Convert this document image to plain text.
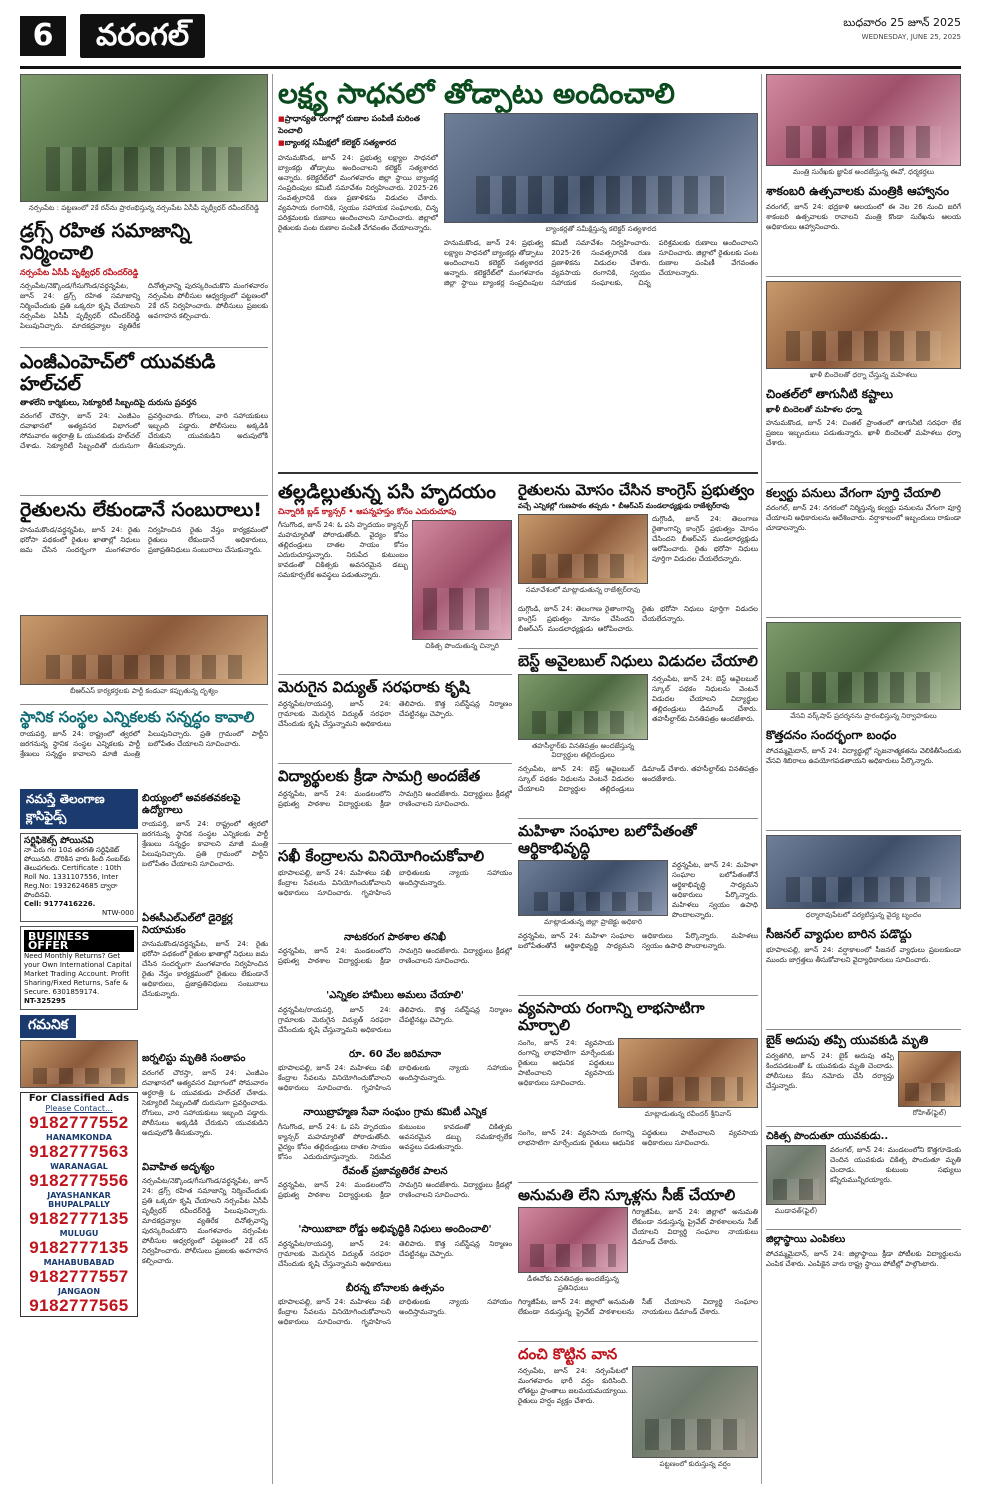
6	వరంగల్	బుధవారం 25 జూన్ 2025
WEDNESDAY, JUNE 25, 2025
నర్సంపేట : పట్టణంలో 2కే రన్‌ను ప్రారంభిస్తున్న నర్సంపేట ఏసీపీ పృథ్వీధర్‌ రవీందర్‌రెడ్డి
డ్రగ్స్ రహిత సమాజాన్ని నిర్మించాలి
నర్సంపేట ఏసీపీ పృథ్వీధర్‌ రవీందర్‌రెడ్డి
నర్సంపేట/నెక్కొండ/గీసుగొండ/వర్ధన్నపేట, జూన్ 24: డ్రగ్స్ రహిత సమాజాన్ని నిర్మించేందుకు ప్రతి ఒక్కరూ కృషి చేయాలని నర్సంపేట ఏసీపీ పృథ్వీధర్‌ రవీందర్‌రెడ్డి పిలుపునిచ్చారు. మాదకద్రవ్యాల వ్యతిరేక దినోత్సవాన్ని పురస్కరించుకొని మంగళవారం నర్సంపేట పోలీసుల ఆధ్వర్యంలో పట్టణంలో 2కే రన్ నిర్వహించారు. పోలీసులు ప్రజలకు అవగాహన కల్పించారు.
ఎంజీఎంహెచ్‌లో యువకుడి హల్‌చల్
తాళలేని కార్మికులు, సెక్యూరిటీ సిబ్బందిపై దురుసు ప్రవర్తన
వరంగల్ చౌరస్తా, జూన్ 24: ఎంజీఎం దవాఖానలో అత్యవసర విభాగంలో సోమవారం అర్ధరాత్రి ఓ యువకుడు హల్‌చల్ చేశాడు. సెక్యూరిటీ సిబ్బందితో దురుసుగా ప్రవర్తించాడు. రోగులు, వారి సహాయకులు ఇబ్బంది పడ్డారు. పోలీసులు అక్కడికి చేరుకుని యువకుడిని అదుపులోకి తీసుకున్నారు.
రైతులను లేకుండానే సంబురాలు!
హనుమకొండ/వర్ధన్నపేట, జూన్ 24: రైతు భరోసా పథకంలో రైతుల ఖాతాల్లో నిధులు జమ చేసిన సందర్భంగా మంగళవారం నిర్వహించిన రైతు నేస్తం కార్యక్రమంలో రైతులు లేకుండానే అధికారులు, ప్రజాప్రతినిధులు సంబురాలు చేసుకున్నారు.
బీఆర్‌ఎస్ కార్యకర్తలకు పార్టీ కండువా కప్పుతున్న దృశ్యం
స్థానిక సంస్థల ఎన్నికలకు సన్నద్ధం కావాలి
రాయపర్తి, జూన్ 24: రాష్ట్రంలో త్వరలో జరగనున్న స్థానిక సంస్థల ఎన్నికలకు పార్టీ శ్రేణులు సన్నద్ధం కావాలని మాజీ మంత్రి పిలుపునిచ్చారు. ప్రతి గ్రామంలో పార్టీని బలోపేతం చేయాలని సూచించారు.
నమస్తే తెలంగాణ క్లాసిఫైడ్స్
సర్టిఫికెట్స్ పోయినవి
నా పేరు గల 10వ తరగతి సర్టిఫికెట్ పోయినది. దొరికిన వారు కింది నంబర్‌కు తెలుపగలరు. Certificate : 10th Roll No. 1331107556, Inter Reg.No: 1932624685 ద్వారా పొందినవి.
Cell: 9177416226.
NTW-000
BUSINESS OFFER
Need Monthly Returns? Get your Own International Capital Market Trading Account. Profit Sharing/Fixed Returns, Safe & Secure. 6301859174.
NT-325295
గమనిక
For Classified Ads
Please Contact...
9182777552
HANAMKONDA
9182777563
WARANAGAL
9182777556
JAYASHANKAR BHUPALPALLY
9182777135
MULUGU
9182777135
MAHABUBABAD
9182777557
JANGAON
9182777565
బియ్యంలో అవకతవకలపై ఉద్యోగాలు
రాయపర్తి, జూన్ 24: రాష్ట్రంలో త్వరలో జరగనున్న స్థానిక సంస్థల ఎన్నికలకు పార్టీ శ్రేణులు సన్నద్ధం కావాలని మాజీ మంత్రి పిలుపునిచ్చారు. ప్రతి గ్రామంలో పార్టీని బలోపేతం చేయాలని సూచించారు.
ఏఈసీఎల్‌ఎల్‌లో డైరెక్టర్ల నియామకం
హనుమకొండ/వర్ధన్నపేట, జూన్ 24: రైతు భరోసా పథకంలో రైతుల ఖాతాల్లో నిధులు జమ చేసిన సందర్భంగా మంగళవారం నిర్వహించిన రైతు నేస్తం కార్యక్రమంలో రైతులు లేకుండానే అధికారులు, ప్రజాప్రతినిధులు సంబురాలు చేసుకున్నారు.
జర్నలిస్టు మృతికి సంతాపం
వరంగల్ చౌరస్తా, జూన్ 24: ఎంజీఎం దవాఖానలో అత్యవసర విభాగంలో సోమవారం అర్ధరాత్రి ఓ యువకుడు హల్‌చల్ చేశాడు. సెక్యూరిటీ సిబ్బందితో దురుసుగా ప్రవర్తించాడు. రోగులు, వారి సహాయకులు ఇబ్బంది పడ్డారు. పోలీసులు అక్కడికి చేరుకుని యువకుడిని అదుపులోకి తీసుకున్నారు.
వివాహిత అదృశ్యం
నర్సంపేట/నెక్కొండ/గీసుగొండ/వర్ధన్నపేట, జూన్ 24: డ్రగ్స్ రహిత సమాజాన్ని నిర్మించేందుకు ప్రతి ఒక్కరూ కృషి చేయాలని నర్సంపేట ఏసీపీ పృథ్వీధర్‌ రవీందర్‌రెడ్డి పిలుపునిచ్చారు. మాదకద్రవ్యాల వ్యతిరేక దినోత్సవాన్ని పురస్కరించుకొని మంగళవారం నర్సంపేట పోలీసుల ఆధ్వర్యంలో పట్టణంలో 2కే రన్ నిర్వహించారు. పోలీసులు ప్రజలకు అవగాహన కల్పించారు.
లక్ష్య సాధనలో తోడ్పాటు అందించాలి
■ ప్రాధాన్యత రంగాల్లో రుణాల పంపిణీ మరింత పెంచాలి
■ బ్యాంకర్ల సమీక్షలో కలెక్టర్ సత్యశారద
హనుమకొండ, జూన్ 24: ప్రభుత్వ లక్ష్యాల సాధనలో బ్యాంకర్లు తోడ్పాటు అందించాలని కలెక్టర్ సత్యశారద అన్నారు. కలెక్టరేట్‌లో మంగళవారం జిల్లా స్థాయి బ్యాంకర్ల సంప్రదింపుల కమిటీ సమావేశం నిర్వహించారు. 2025-26 సంవత్సరానికి రుణ ప్రణాళికను విడుదల చేశారు. వ్యవసాయ రంగానికి, స్వయం సహాయక సంఘాలకు, చిన్న పరిశ్రమలకు రుణాలు అందించాలని సూచించారు. జిల్లాలో రైతులకు పంట రుణాల పంపిణీ వేగవంతం చేయాలన్నారు.	బ్యాంకర్లతో సమీక్షిస్తున్న కలెక్టర్ సత్యశారద
హనుమకొండ, జూన్ 24: ప్రభుత్వ లక్ష్యాల సాధనలో బ్యాంకర్లు తోడ్పాటు అందించాలని కలెక్టర్ సత్యశారద అన్నారు. కలెక్టరేట్‌లో మంగళవారం జిల్లా స్థాయి బ్యాంకర్ల సంప్రదింపుల కమిటీ సమావేశం నిర్వహించారు. 2025-26 సంవత్సరానికి రుణ ప్రణాళికను విడుదల చేశారు. వ్యవసాయ రంగానికి, స్వయం సహాయక సంఘాలకు, చిన్న పరిశ్రమలకు రుణాలు అందించాలని సూచించారు. జిల్లాలో రైతులకు పంట రుణాల పంపిణీ వేగవంతం చేయాలన్నారు.
తల్లడిల్లుతున్న పసి హృదయం
చిన్నారికి బ్లడ్ క్యాన్సర్ • ఆపన్నహస్తం కోసం ఎదురుచూపు
గీసుగొండ, జూన్ 24: ఓ పసి హృదయం క్యాన్సర్ మహమ్మారితో పోరాడుతోంది. వైద్యం కోసం తల్లిదండ్రులు దాతల సాయం కోసం ఎదురుచూస్తున్నారు. నిరుపేద కుటుంబం కావడంతో చికిత్సకు అవసరమైన డబ్బు సమకూర్చలేక అవస్థలు పడుతున్నారు.
చికిత్స పొందుతున్న చిన్నారి
మెరుగైన విద్యుత్ సరఫరాకు కృషి
వర్ధన్నపేట/రాయపర్తి, జూన్ 24: గ్రామాలకు మెరుగైన విద్యుత్ సరఫరా చేసేందుకు కృషి చేస్తున్నామని అధికారులు తెలిపారు. కొత్త సబ్‌స్టేషన్ల నిర్మాణం చేపట్టినట్లు చెప్పారు.
విద్యార్థులకు క్రీడా సామగ్రి అందజేత
వర్ధన్నపేట, జూన్ 24: మండలంలోని ప్రభుత్వ పాఠశాల విద్యార్థులకు క్రీడా సామగ్రిని అందజేశారు. విద్యార్థులు క్రీడల్లో రాణించాలని సూచించారు.
సఖీ కేంద్రాలను వినియోగించుకోవాలి
భూపాలపల్లి, జూన్ 24: మహిళలు సఖీ కేంద్రాల సేవలను వినియోగించుకోవాలని అధికారులు సూచించారు. గృహహింస బాధితులకు న్యాయ సహాయం అందిస్తామన్నారు.
నాటకరంగ పాఠశాల తనిఖీ
వర్ధన్నపేట, జూన్ 24: మండలంలోని ప్రభుత్వ పాఠశాల విద్యార్థులకు క్రీడా సామగ్రిని అందజేశారు. విద్యార్థులు క్రీడల్లో రాణించాలని సూచించారు.
'ఎన్నికల హామీలు అమలు చేయాలి'
వర్ధన్నపేట/రాయపర్తి, జూన్ 24: గ్రామాలకు మెరుగైన విద్యుత్ సరఫరా చేసేందుకు కృషి చేస్తున్నామని అధికారులు తెలిపారు. కొత్త సబ్‌స్టేషన్ల నిర్మాణం చేపట్టినట్లు చెప్పారు.
రూ. 60 వేల జరిమానా
భూపాలపల్లి, జూన్ 24: మహిళలు సఖీ కేంద్రాల సేవలను వినియోగించుకోవాలని అధికారులు సూచించారు. గృహహింస బాధితులకు న్యాయ సహాయం అందిస్తామన్నారు.
నాయిబ్రాహ్మణ సేవా సంఘం గ్రామ కమిటీ ఎన్నిక
గీసుగొండ, జూన్ 24: ఓ పసి హృదయం క్యాన్సర్ మహమ్మారితో పోరాడుతోంది. వైద్యం కోసం తల్లిదండ్రులు దాతల సాయం కోసం ఎదురుచూస్తున్నారు. నిరుపేద కుటుంబం కావడంతో చికిత్సకు అవసరమైన డబ్బు సమకూర్చలేక అవస్థలు పడుతున్నారు.
రేవంత్ ప్రజావ్యతిరేక పాలన
వర్ధన్నపేట, జూన్ 24: మండలంలోని ప్రభుత్వ పాఠశాల విద్యార్థులకు క్రీడా సామగ్రిని అందజేశారు. విద్యార్థులు క్రీడల్లో రాణించాలని సూచించారు.
'సాయిబాబా రోడ్డు అభివృద్ధికి నిధులు అందించాలి'
వర్ధన్నపేట/రాయపర్తి, జూన్ 24: గ్రామాలకు మెరుగైన విద్యుత్ సరఫరా చేసేందుకు కృషి చేస్తున్నామని అధికారులు తెలిపారు. కొత్త సబ్‌స్టేషన్ల నిర్మాణం చేపట్టినట్లు చెప్పారు.
బీరన్న బోనాలకు ఉత్సవం
భూపాలపల్లి, జూన్ 24: మహిళలు సఖీ కేంద్రాల సేవలను వినియోగించుకోవాలని అధికారులు సూచించారు. గృహహింస బాధితులకు న్యాయ సహాయం అందిస్తామన్నారు.
రైతులను మోసం చేసిన కాంగ్రెస్ ప్రభుత్వం
వచ్చే ఎన్నికల్లో గుణపాఠం తప్పదు • బీఆర్‌ఎస్ మండలాధ్యక్షుడు రాజేశ్వర్‌రావు
సమావేశంలో మాట్లాడుతున్న రాజేశ్వర్‌రావు
దుగ్గొండి, జూన్ 24: తెలంగాణ రైతాంగాన్ని కాంగ్రెస్ ప్రభుత్వం మోసం చేసిందని బీఆర్‌ఎస్ మండలాధ్యక్షుడు ఆరోపించారు. రైతు భరోసా నిధులు పూర్తిగా విడుదల చేయలేదన్నారు.
దుగ్గొండి, జూన్ 24: తెలంగాణ రైతాంగాన్ని కాంగ్రెస్ ప్రభుత్వం మోసం చేసిందని బీఆర్‌ఎస్ మండలాధ్యక్షుడు ఆరోపించారు. రైతు భరోసా నిధులు పూర్తిగా విడుదల చేయలేదన్నారు.
బెస్ట్ అవైలబుల్ నిధులు విడుదల చేయాలి
తహసీల్దార్‌కు వినతిపత్రం అందజేస్తున్న విద్యార్థుల తల్లిదండ్రులు
నర్సంపేట, జూన్ 24: బెస్ట్ అవైలబుల్ స్కూల్ పథకం నిధులను వెంటనే విడుదల చేయాలని విద్యార్థుల తల్లిదండ్రులు డిమాండ్ చేశారు. తహసీల్దార్‌కు వినతిపత్రం అందజేశారు.
నర్సంపేట, జూన్ 24: బెస్ట్ అవైలబుల్ స్కూల్ పథకం నిధులను వెంటనే విడుదల చేయాలని విద్యార్థుల తల్లిదండ్రులు డిమాండ్ చేశారు. తహసీల్దార్‌కు వినతిపత్రం అందజేశారు.
మహిళా సంఘాల బలోపేతంతో ఆర్థికాభివృద్ధి
మాట్లాడుతున్న జిల్లా ప్రాజెక్టు అధికారి
వర్ధన్నపేట, జూన్ 24: మహిళా సంఘాల బలోపేతంతోనే ఆర్థికాభివృద్ధి సాధ్యమని అధికారులు పేర్కొన్నారు. మహిళలు స్వయం ఉపాధి పొందాలన్నారు.
వర్ధన్నపేట, జూన్ 24: మహిళా సంఘాల బలోపేతంతోనే ఆర్థికాభివృద్ధి సాధ్యమని అధికారులు పేర్కొన్నారు. మహిళలు స్వయం ఉపాధి పొందాలన్నారు.
వ్యవసాయ రంగాన్ని లాభసాటిగా మార్చాలి
సంగెం, జూన్ 24: వ్యవసాయ రంగాన్ని లాభసాటిగా మార్చేందుకు రైతులు ఆధునిక పద్ధతులు పాటించాలని వ్యవసాయ అధికారులు సూచించారు.
మాట్లాడుతున్న రవీందర్ శ్రీనివాస్
సంగెం, జూన్ 24: వ్యవసాయ రంగాన్ని లాభసాటిగా మార్చేందుకు రైతులు ఆధునిక పద్ధతులు పాటించాలని వ్యవసాయ అధికారులు సూచించారు.
అనుమతి లేని స్కూళ్లను సీజ్ చేయాలి
డీఈవోకు వినతిపత్రం అందజేస్తున్న ప్రతినిధులు
గిర్మాజీపేట, జూన్ 24: జిల్లాలో అనుమతి లేకుండా నడుస్తున్న ప్రైవేట్ పాఠశాలలను సీజ్ చేయాలని విద్యార్థి సంఘాల నాయకులు డిమాండ్ చేశారు.
గిర్మాజీపేట, జూన్ 24: జిల్లాలో అనుమతి లేకుండా నడుస్తున్న ప్రైవేట్ పాఠశాలలను సీజ్ చేయాలని విద్యార్థి సంఘాల నాయకులు డిమాండ్ చేశారు.
దంచి కొట్టిన వాన
నర్సంపేట, జూన్ 24: నర్సంపేటలో మంగళవారం భారీ వర్షం కురిసింది. లోతట్టు ప్రాంతాలు జలమయమయ్యాయి. రైతులు హర్షం వ్యక్తం చేశారు.
పట్టణంలో కురుస్తున్న వర్షం
మంత్రి సురేఖకు జ్ఞాపిక అందజేస్తున్న ఈవో, ధర్మకర్తలు
శాకంబరి ఉత్సవాలకు మంత్రికి ఆహ్వానం
వరంగల్, జూన్ 24: భద్రకాళి ఆలయంలో ఈ నెల 26 నుంచి జరిగే శాకంబరి ఉత్సవాలకు రావాలని మంత్రి కొండా సురేఖను ఆలయ అధికారులు ఆహ్వానించారు.
ఖాళీ బిందెలతో ధర్నా చేస్తున్న మహిళలు
చింతల్‌లో తాగునీటి కష్టాలు
ఖాళీ బిందెలతో మహిళల ధర్నా
హనుమకొండ, జూన్ 24: చింతల్ ప్రాంతంలో తాగునీటి సరఫరా లేక ప్రజలు ఇబ్బందులు పడుతున్నారు. ఖాళీ బిందెలతో మహిళలు ధర్నా చేశారు.
కల్వర్టు పనులు వేగంగా పూర్తి చేయాలి
వరంగల్, జూన్ 24: నగరంలో నిర్మిస్తున్న కల్వర్టు పనులను వేగంగా పూర్తి చేయాలని అధికారులను ఆదేశించారు. వర్షాకాలంలో ఇబ్బందులు రాకుండా చూడాలన్నారు.
వేసవి వర్క్‌షాప్ ప్రదర్శనను ప్రారంభిస్తున్న నిర్వాహకులు
కొత్తదనం సందర్భంగా బంధం
పోచమ్మమైదాన్, జూన్ 24: విద్యార్థుల్లో సృజనాత్మకతను వెలికితీసేందుకు వేసవి శిబిరాలు ఉపయోగపడతాయని అధికారులు పేర్కొన్నారు.
ధర్మారావుపేటలో పర్యటిస్తున్న వైద్య బృందం
సీజనల్ వ్యాధుల బారిన పడొద్దు
భూపాలపల్లి, జూన్ 24: వర్షాకాలంలో సీజనల్ వ్యాధులు ప్రబలకుండా ముందు జాగ్రత్తలు తీసుకోవాలని వైద్యాధికారులు సూచించారు.
బైక్ అదుపు తప్పి యువకుడి మృతి
పర్వతగిరి, జూన్ 24: బైక్ అదుపు తప్పి కిందపడటంతో ఓ యువకుడు మృతి చెందాడు. పోలీసులు కేసు నమోదు చేసి దర్యాప్తు చేస్తున్నారు.
రోహిత్(ఫైల్)
చికిత్స పొందుతూ యువకుడు..
ముడావత్(ఫైల్)
వరంగల్, జూన్ 24: మండలంలోని కొత్తగూడెంకు చెందిన యువకుడు చికిత్స పొందుతూ మృతి చెందాడు. కుటుంబ సభ్యులు కన్నీరుమున్నీరయ్యారు.
జిల్లాస్థాయి ఎంపికలు
పోచమ్మమైదాన్, జూన్ 24: జిల్లాస్థాయి క్రీడా పోటీలకు విద్యార్థులను ఎంపిక చేశారు. ఎంపికైన వారు రాష్ట్ర స్థాయి పోటీల్లో పాల్గొంటారు.
